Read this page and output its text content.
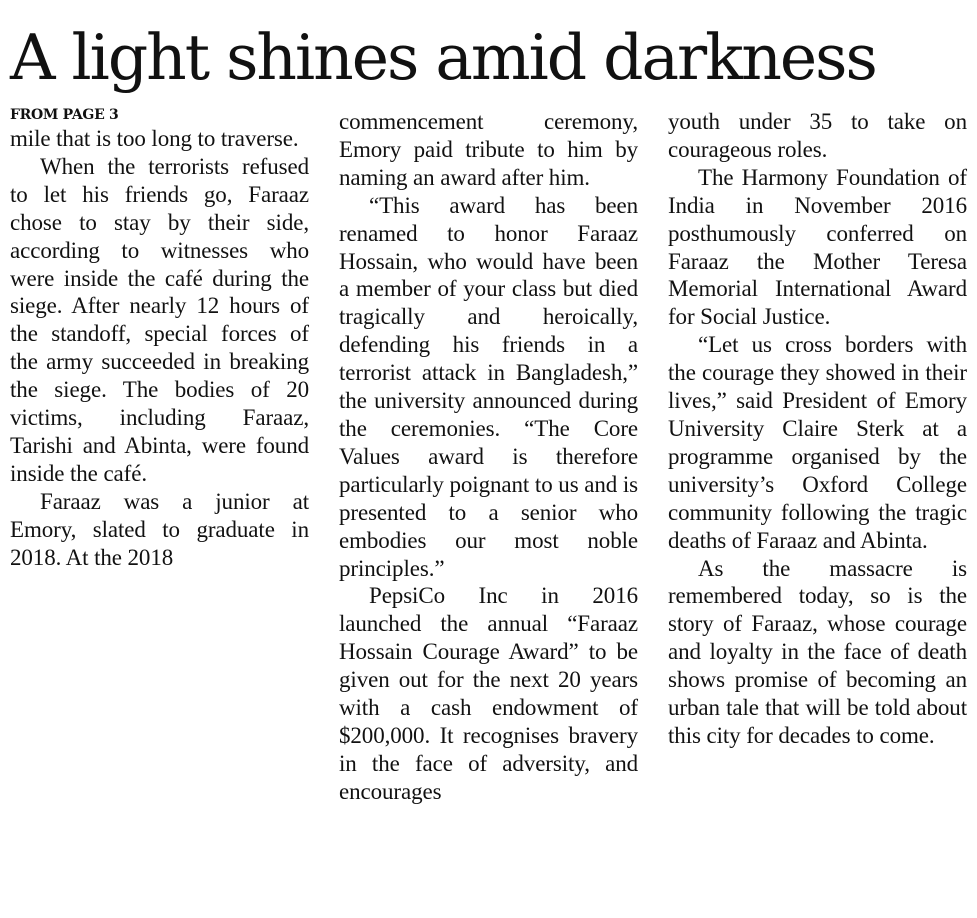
A light shines amid darkness
FROM PAGE 3

mile that is too long to traverse.

When the terrorists refused to let his friends go, Faraaz chose to stay by their side, according to witnesses who were inside the café during the siege. After nearly 12 hours of the standoff, special forces of the army succeeded in breaking the siege. The bodies of 20 victims, including Faraaz, Tarishi and Abinta, were found inside the café.

Faraaz was a junior at Emory, slated to graduate in 2018. At the 2018

commencement ceremony, Emory paid tribute to him by naming an award after him.

“This award has been renamed to honor Faraaz Hossain, who would have been a member of your class but died tragically and heroically, defending his friends in a terrorist attack in Bangladesh,” the university announced during the ceremonies. “The Core Values award is therefore particularly poignant to us and is presented to a senior who embodies our most noble principles.”

PepsiCo Inc in 2016 launched the annual “Faraaz Hossain Courage Award” to be given out for the next 20 years with a cash endowment of $200,000. It recognises bravery in the face of adversity, and encourages

youth under 35 to take on courageous roles.

The Harmony Foundation of India in November 2016 posthumously conferred on Faraaz the Mother Teresa Memorial International Award for Social Justice.

“Let us cross borders with the courage they showed in their lives,” said President of Emory University Claire Sterk at a programme organised by the university’s Oxford College community following the tragic deaths of Faraaz and Abinta.

As the massacre is remembered today, so is the story of Faraaz, whose courage and loyalty in the face of death shows promise of becoming an urban tale that will be told about this city for decades to come.
